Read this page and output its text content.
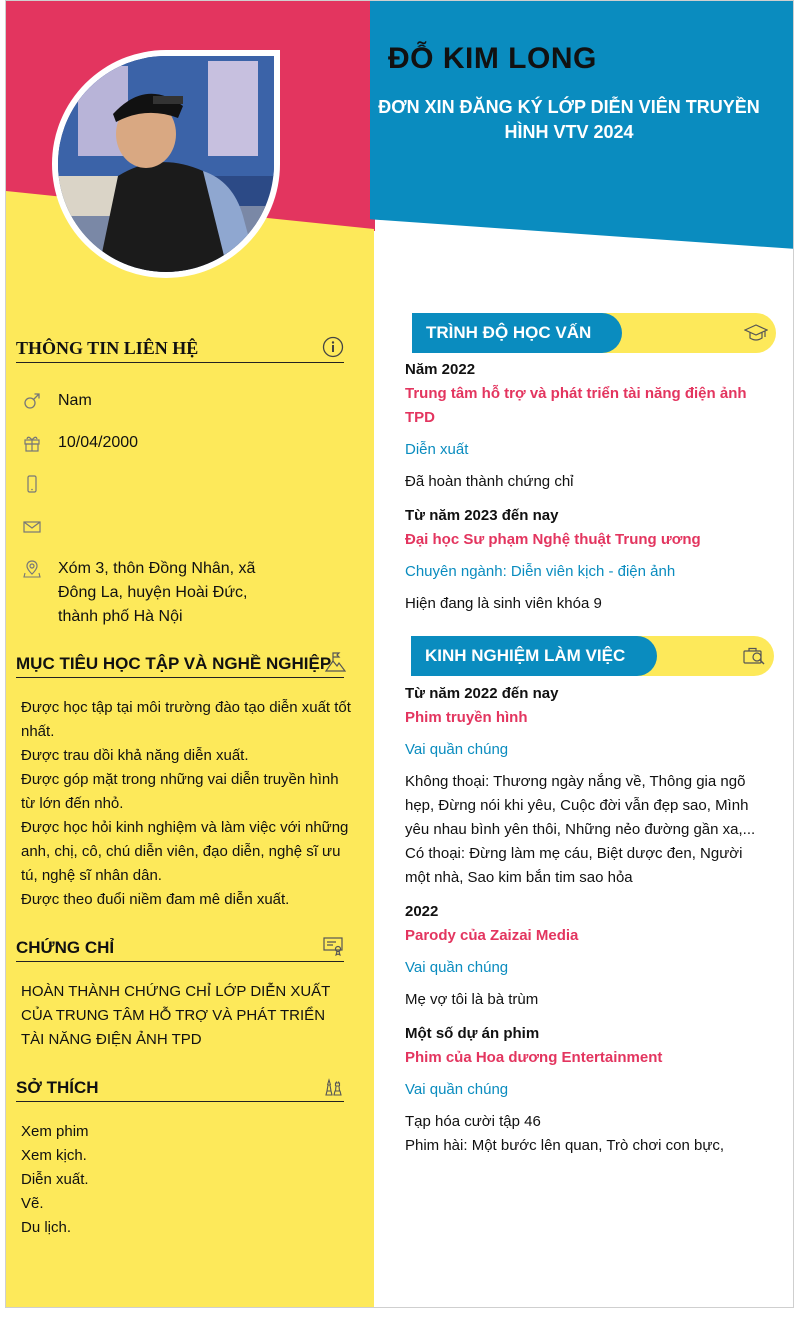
ĐỖ KIM LONG
ĐƠN XIN ĐĂNG KÝ LỚP DIỄN VIÊN TRUYỀN HÌNH VTV 2024
THÔNG TIN LIÊN HỆ
Nam
10/04/2000
Xóm 3, thôn Đồng Nhân, xã Đông La, huyện Hoài Đức, thành phố Hà Nội
MỤC TIÊU HỌC TẬP VÀ NGHỀ NGHIỆP
Được học tập tại môi trường đào tạo diễn xuất tốt nhất.
Được trau dồi khả năng diễn xuất.
Được góp mặt trong những vai diễn truyền hình từ lớn đến nhỏ.
Được học hỏi kinh nghiệm và làm việc với những anh, chị, cô, chú diễn viên, đạo diễn, nghệ sĩ ưu tú, nghệ sĩ nhân dân.
Được theo đuổi niềm đam mê diễn xuất.
CHỨNG CHỈ
HOÀN THÀNH CHỨNG CHỈ LỚP DIỄN XUẤT CỦA TRUNG TÂM HỖ TRỢ VÀ PHÁT TRIỂN TÀI NĂNG ĐIỆN ẢNH TPD
SỞ THÍCH
Xem phim
Xem kịch.
Diễn xuất.
Vẽ.
Du lịch.
TRÌNH ĐỘ HỌC VẤN
Năm 2022
Trung tâm hỗ trợ và phát triển tài năng điện ảnh TPD
Diễn xuất
Đã hoàn thành chứng chỉ
Từ năm 2023 đến nay
Đại học Sư phạm Nghệ thuật Trung ương
Chuyên ngành: Diễn viên kịch - điện ảnh
Hiện đang là sinh viên khóa 9
KINH NGHIỆM LÀM VIỆC
Từ năm 2022 đến nay
Phim truyền hình
Vai quần chúng
Không thoại: Thương ngày nắng về, Thông gia ngõ hẹp, Đừng nói khi yêu, Cuộc đời vẫn đẹp sao, Mình yêu nhau bình yên thôi, Những nẻo đường gần xa,... Có thoại: Đừng làm mẹ cáu, Biệt dược đen, Người một nhà, Sao kim bắn tim sao hỏa
2022
Parody của Zaizai Media
Vai quần chúng
Mẹ vợ tôi là bà trùm
Một số dự án phim
Phim của Hoa dương Entertainment
Vai quần chúng
Tạp hóa cười tập 46
Phim hài: Một bước lên quan, Trò chơi con bực,
